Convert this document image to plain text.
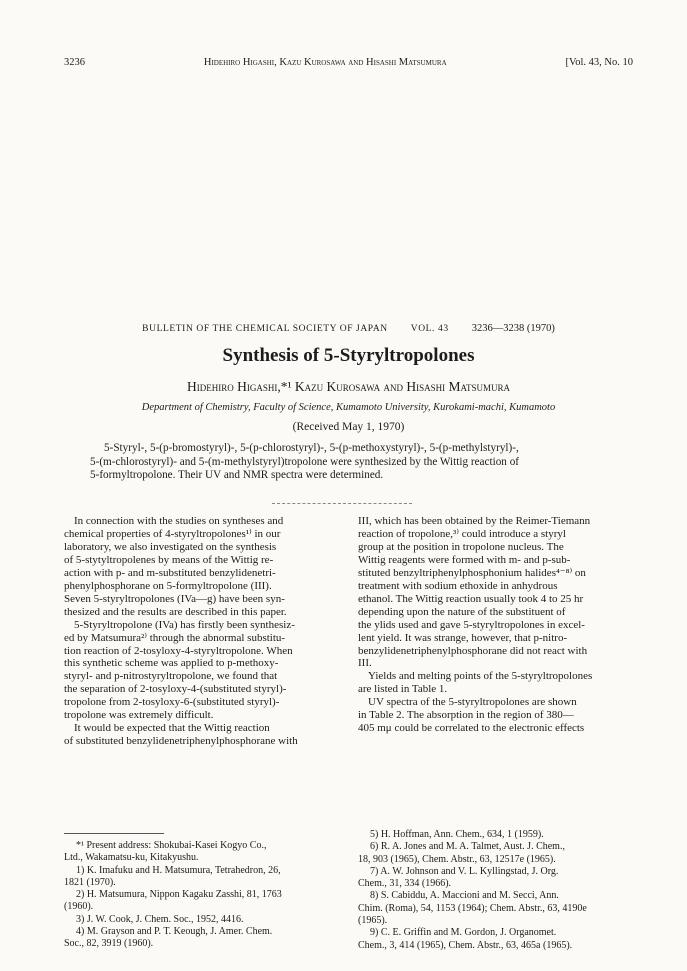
3236	Hidehiro Higashi, Kazu Kurosawa and Hisashi Matsumura	[Vol. 43, No. 10
BULLETIN OF THE CHEMICAL SOCIETY OF JAPAN VOL. 43 3236—3238 (1970)
Synthesis of 5-Styryltropolones
Hidehiro Higashi,*¹ Kazu Kurosawa and Hisashi Matsumura
Department of Chemistry, Faculty of Science, Kumamoto University, Kurokami-machi, Kumamoto
(Received May 1, 1970)
5-Styryl-, 5-(p-bromostyryl)-, 5-(p-chlorostyryl)-, 5-(p-methoxystyryl)-, 5-(p-methylstyryl)-,
5-(m-chlorostyryl)- and 5-(m-methylstyryl)tropolone were synthesized by the Wittig reaction of
5-formyltropolone. Their UV and NMR spectra were determined.
In connection with the studies on syntheses and
chemical properties of 4-styryltropolones¹⁾ in our
laboratory, we also investigated on the synthesis
of 5-stytyltropolenes by means of the Wittig re-
action with p- and m-substituted benzylidenetri-
phenylphosphorane on 5-formyltropolone (III).
Seven 5-styryltropolones (IVa—g) have been syn-
thesized and the results are described in this paper.
5-Styryltropolone (IVa) has firstly been synthesiz-
ed by Matsumura²⁾ through the abnormal substitu-
tion reaction of 2-tosyloxy-4-styryltropolone. When
this synthetic scheme was applied to p-methoxy-
styryl- and p-nitrostyryltropolone, we found that
the separation of 2-tosyloxy-4-(substituted styryl)-
tropolone from 2-tosyloxy-6-(substituted styryl)-
tropolone was extremely difficult.
It would be expected that the Wittig reaction
of substituted benzylidenetriphenylphosphorane with
III, which has been obtained by the Reimer-Tiemann
reaction of tropolone,³⁾ could introduce a styryl
group at the position in tropolone nucleus. The
Wittig reagents were formed with m- and p-sub-
stituted benzyltriphenylphosphonium halides⁴⁻⁸⁾ on
treatment with sodium ethoxide in anhydrous
ethanol. The Wittig reaction usually took 4 to 25 hr
depending upon the nature of the substituent of
the ylids used and gave 5-styryltropolones in excel-
lent yield. It was strange, however, that p-nitro-
benzylidenetriphenylphosphorane did not react with
III.
Yields and melting points of the 5-styryltropolones
are listed in Table 1.
UV spectra of the 5-styryltropolones are shown
in Table 2. The absorption in the region of 380—
405 mμ could be correlated to the electronic effects
*¹ Present address: Shokubai-Kasei Kogyo Co.,
Ltd., Wakamatsu-ku, Kitakyushu.
1) K. Imafuku and H. Matsumura, Tetrahedron, 26,
1821 (1970).
2) H. Matsumura, Nippon Kagaku Zasshi, 81, 1763
(1960).
3) J. W. Cook, J. Chem. Soc., 1952, 4416.
4) M. Grayson and P. T. Keough, J. Amer. Chem.
Soc., 82, 3919 (1960).
5) H. Hoffman, Ann. Chem., 634, 1 (1959).
6) R. A. Jones and M. A. Talmet, Aust. J. Chem.,
18, 903 (1965), Chem. Abstr., 63, 12517e (1965).
7) A. W. Johnson and V. L. Kyllingstad, J. Org.
Chem., 31, 334 (1966).
8) S. Cabiddu, A. Maccioni and M. Secci, Ann.
Chim. (Roma), 54, 1153 (1964); Chem. Abstr., 63, 4190e
(1965).
9) C. E. Griffin and M. Gordon, J. Organomet.
Chem., 3, 414 (1965), Chem. Abstr., 63, 465a (1965).
